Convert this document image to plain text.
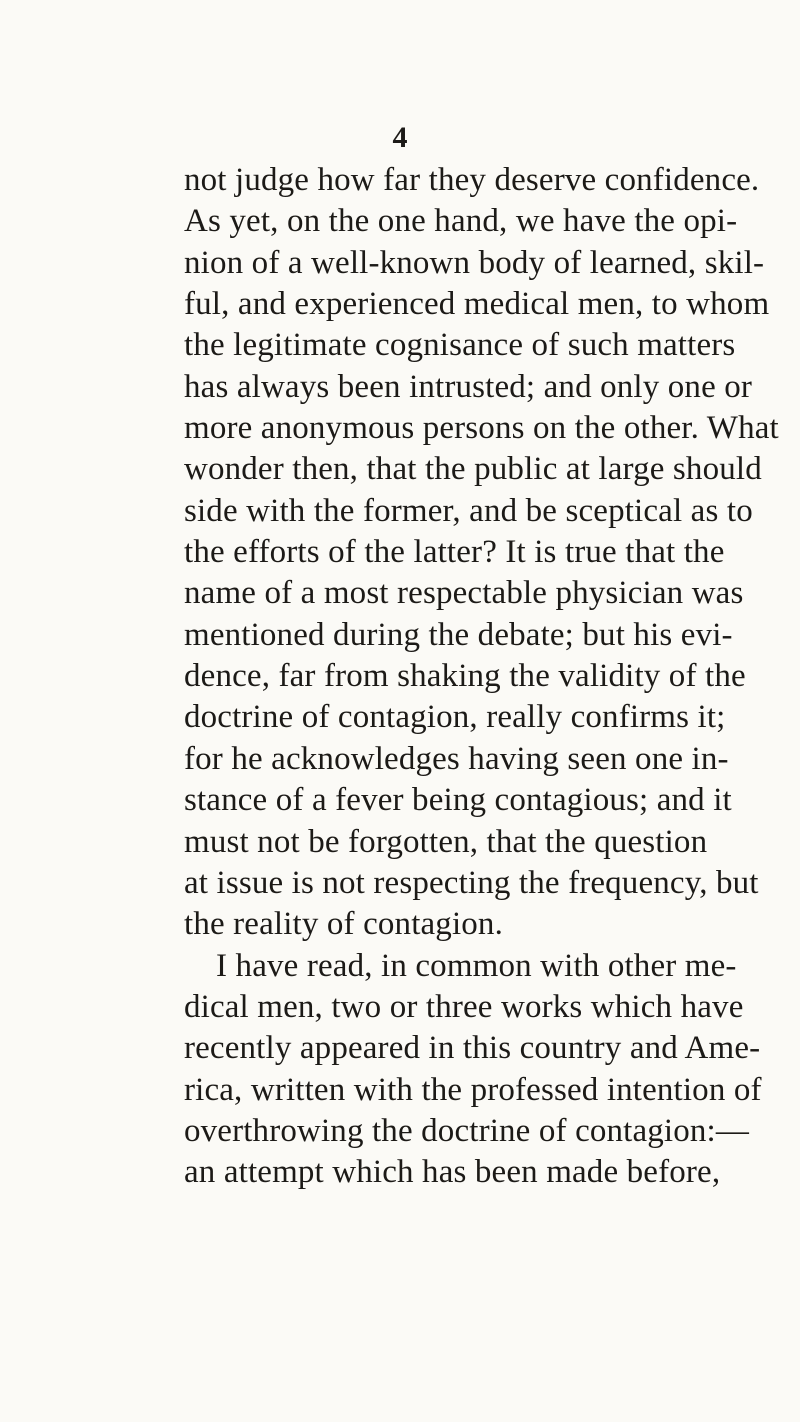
4
not judge how far they deserve confidence.
As yet, on the one hand, we have the opi-
nion of a well-known body of learned, skil-
ful, and experienced medical men, to whom
the legitimate cognisance of such matters
has always been intrusted; and only one or
more anonymous persons on the other. What
wonder then, that the public at large should
side with the former, and be sceptical as to
the efforts of the latter? It is true that the
name of a most respectable physician was
mentioned during the debate; but his evi-
dence, far from shaking the validity of the
doctrine of contagion, really confirms it;
for he acknowledges having seen one in-
stance of a fever being contagious; and it
must not be forgotten, that the question
at issue is not respecting the frequency, but
the reality of contagion.
I have read, in common with other me-
dical men, two or three works which have
recently appeared in this country and Ame-
rica, written with the professed intention of
overthrowing the doctrine of contagion:—
an attempt which has been made before,
